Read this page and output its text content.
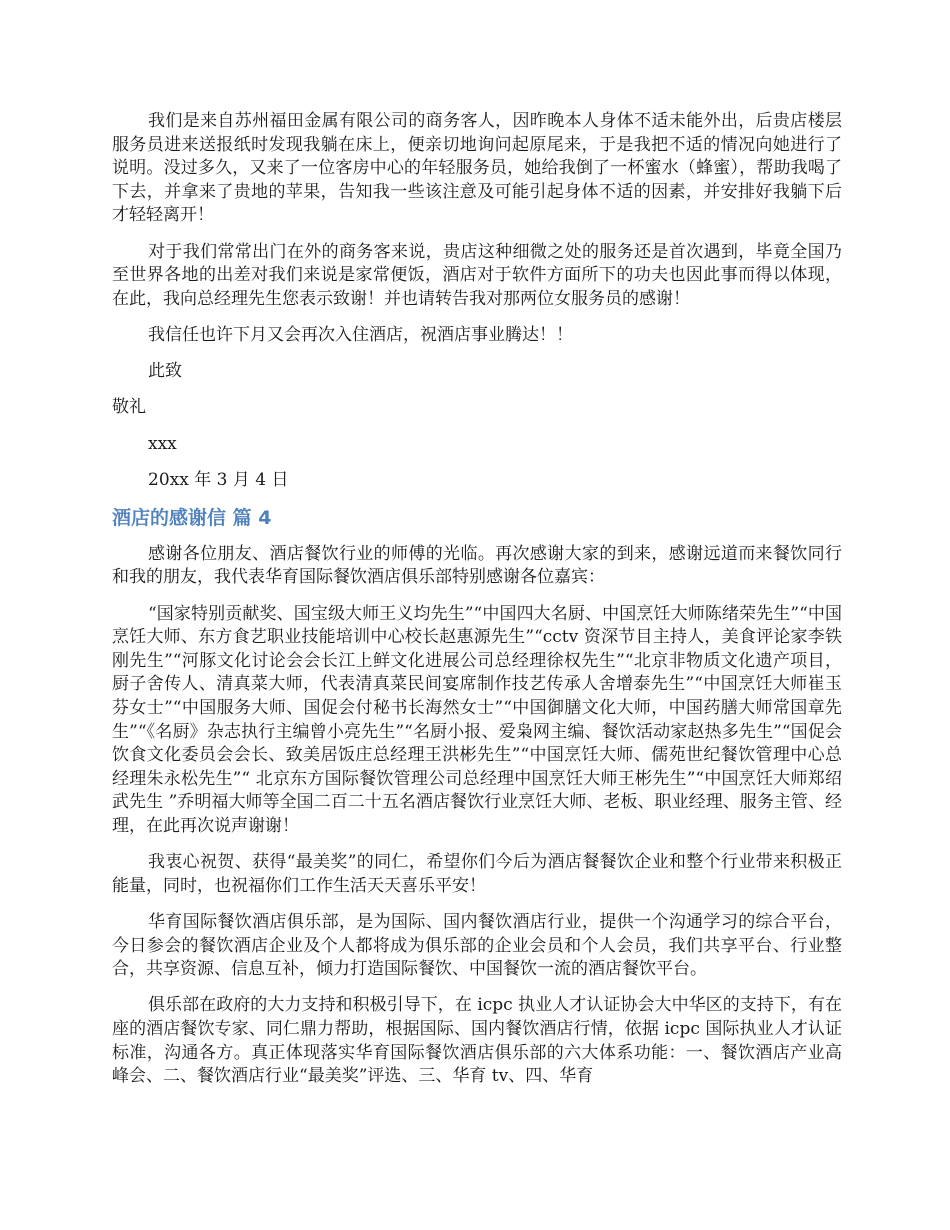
我们是来自苏州福田金属有限公司的商务客人，因昨晚本人身体不适未能外出，后贵店楼层服务员进来送报纸时发现我躺在床上，便亲切地询问起原尾来，于是我把不适的情况向她进行了说明。没过多久，又来了一位客房中心的年轻服务员，她给我倒了一杯蜜水（蜂蜜），帮助我喝了下去，并拿来了贵地的苹果，告知我一些该注意及可能引起身体不适的因素，并安排好我躺下后才轻轻离开！

对于我们常常出门在外的商务客来说，贵店这种细微之处的服务还是首次遇到，毕竟全国乃至世界各地的出差对我们来说是家常便饭，酒店对于软件方面所下的功夫也因此事而得以体现，在此，我向总经理先生您表示致谢！并也请转告我对那两位女服务员的感谢！

我信任也许下月又会再次入住酒店，祝酒店事业腾达！！

此致

敬礼

xxx

20xx 年 3 月 4 日

酒店的感谢信 篇 4

感谢各位朋友、酒店餐饮行业的师傅的光临。再次感谢大家的到来，感谢远道而来餐饮同行和我的朋友，我代表华育国际餐饮酒店俱乐部特别感谢各位嘉宾：

“国家特别贡献奖、国宝级大师王义均先生”“中国四大名厨、中国烹饪大师陈绪荣先生”“中国烹饪大师、东方食艺职业技能培训中心校长赵惠源先生”“cctv 资深节目主持人，美食评论家李铁刚先生”“河豚文化讨论会会长江上鲜文化进展公司总经理徐权先生”“北京非物质文化遗产项目，厨子舍传人、清真菜大师，代表清真菜民间宴席制作技艺传承人舍增泰先生”“中国烹饪大师崔玉芬女士”“中国服务大师、国促会付秘书长海然女士”“中国御膳文化大师，中国药膳大师常国章先生”“《名厨》杂志执行主编曾小亮先生”“名厨小报、爱枭网主编、餐饮活动家赵热多先生”“国促会饮食文化委员会会长、致美居饭庄总经理王洪彬先生”“中国烹饪大师、儒苑世纪餐饮管理中心总经理朱永松先生”“ 北京东方国际餐饮管理公司总经理中国烹饪大师王彬先生”“中国烹饪大师郑绍武先生 ”乔明福大师等全国二百二十五名酒店餐饮行业烹饪大师、老板、职业经理、服务主管、经理，在此再次说声谢谢！

我衷心祝贺、获得“最美奖”的同仁，希望你们今后为酒店餐餐饮企业和整个行业带来积极正能量，同时，也祝福你们工作生活天天喜乐平安！

华育国际餐饮酒店俱乐部，是为国际、国内餐饮酒店行业，提供一个沟通学习的综合平台，今日参会的餐饮酒店企业及个人都将成为俱乐部的企业会员和个人会员，我们共享平台、行业整合，共享资源、信息互补，倾力打造国际餐饮、中国餐饮一流的酒店餐饮平台。

俱乐部在政府的大力支持和积极引导下，在 icpc 执业人才认证协会大中华区的支持下，有在座的酒店餐饮专家、同仁鼎力帮助，根据国际、国内餐饮酒店行情，依据 icpc 国际执业人才认证标准，沟通各方。真正体现落实华育国际餐饮酒店俱乐部的六大体系功能：一、餐饮酒店产业高峰会、二、餐饮酒店行业“最美奖”评选、三、华育 tv、四、华育
